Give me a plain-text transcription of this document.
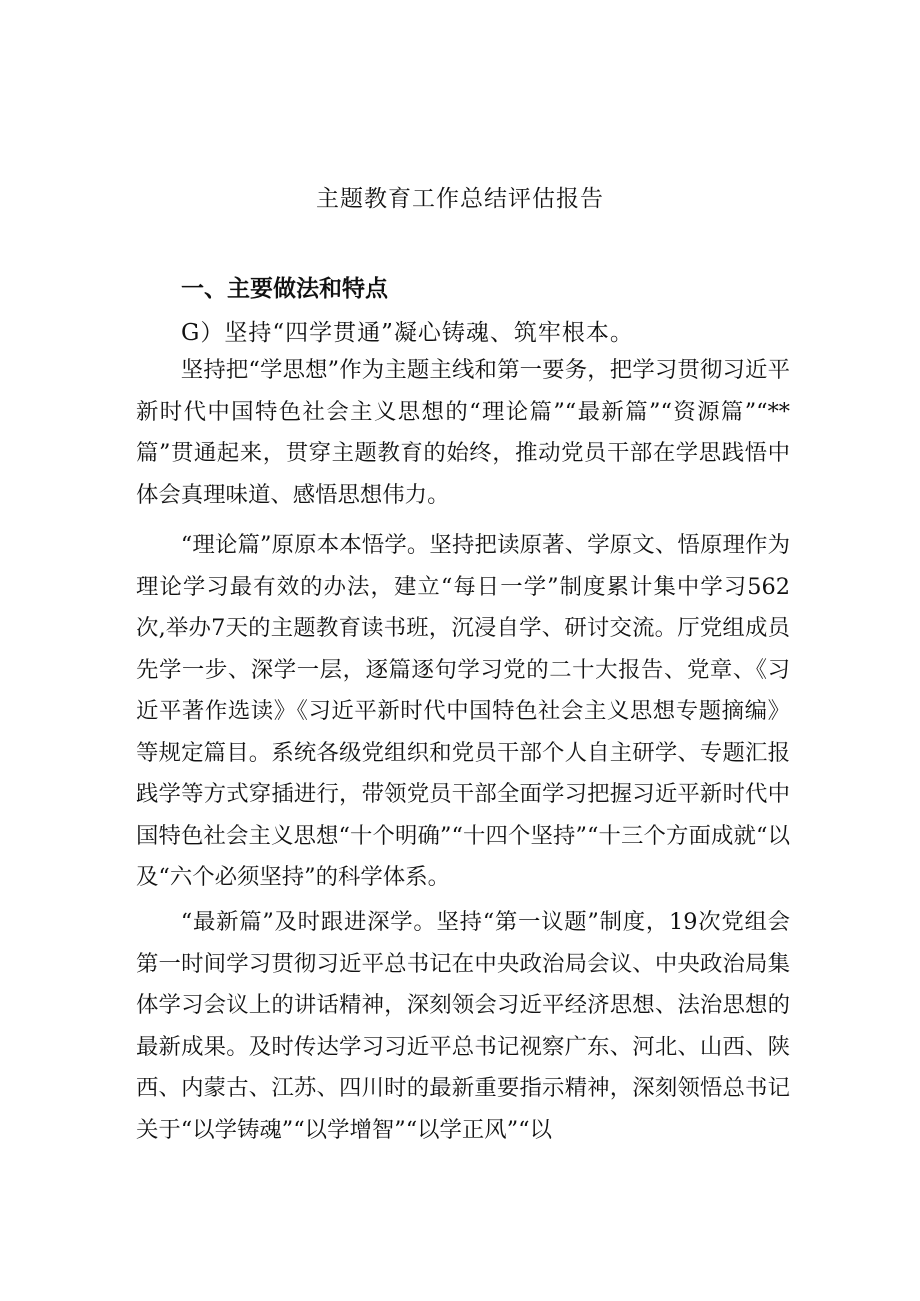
主题教育工作总结评估报告
一、主要做法和特点
G）坚持“四学贯通”凝心铸魂、筑牢根本。

坚持把“学思想”作为主题主线和第一要务，把学习贯彻习近平新时代中国特色社会主义思想的“理论篇”“最新篇”“资源篇”“**篇”贯通起来，贯穿主题教育的始终，推动党员干部在学思践悟中体会真理味道、感悟思想伟力。

“理论篇”原原本本悟学。坚持把读原著、学原文、悟原理作为理论学习最有效的办法，建立“每日一学”制度累计集中学习562次,举办7天的主题教育读书班，沉浸自学、研讨交流。厅党组成员先学一步、深学一层，逐篇逐句学习党的二十大报告、党章、《习近平著作选读》《习近平新时代中国特色社会主义思想专题摘编》等规定篇目。系统各级党组织和党员干部个人自主研学、专题汇报践学等方式穿插进行，带领党员干部全面学习把握习近平新时代中国特色社会主义思想“十个明确”“十四个坚持”“十三个方面成就“以及“六个必须坚持”的科学体系。

“最新篇”及时跟进深学。坚持“第一议题”制度，19次党组会第一时间学习贯彻习近平总书记在中央政治局会议、中央政治局集体学习会议上的讲话精神，深刻领会习近平经济思想、法治思想的最新成果。及时传达学习习近平总书记视察广东、河北、山西、陕西、内蒙古、江苏、四川时的最新重要指示精神，深刻领悟总书记关于“以学铸魂”“以学增智”“以学正风”“以
